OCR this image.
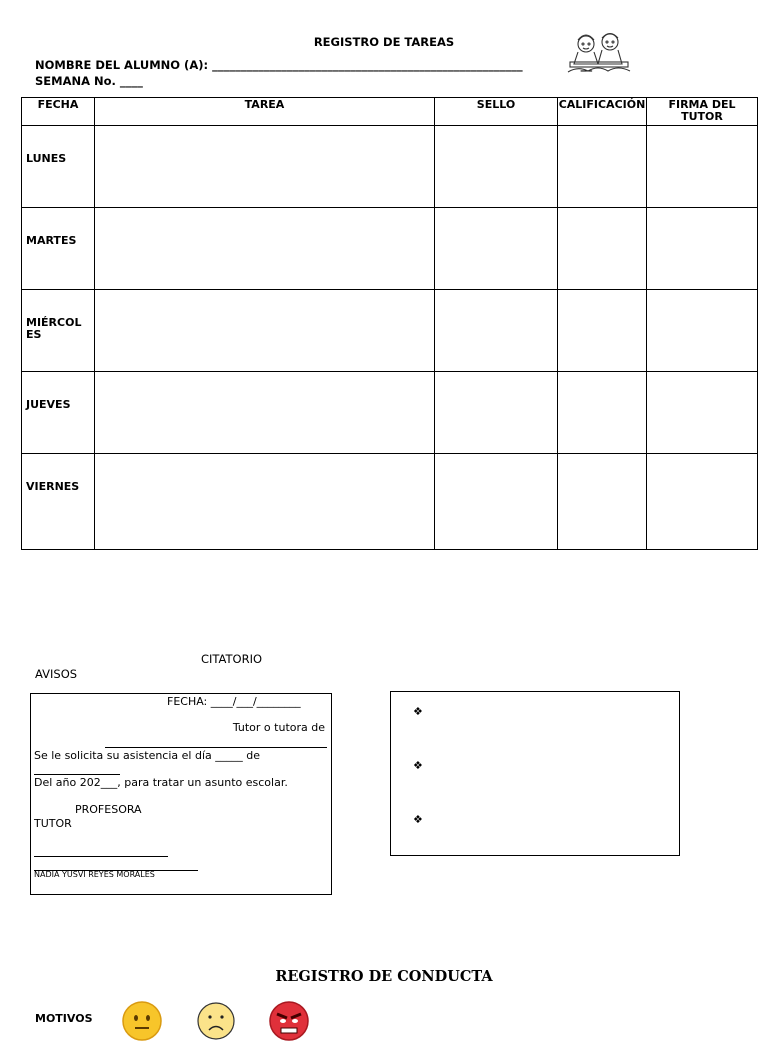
REGISTRO DE TAREAS
NOMBRE DEL ALUMNO (A): ______________________________________________________	__
SEMANA No. ____
FECHA	TAREA	SELLO	CALIFICACIÓN	FIRMA DEL TUTOR
LUNES				
MARTES				
MIÉRCOLES				
JUEVES				
VIERNES				
CITATORIO
AVISOS
FECHA: ____/___/________
Tutor o tutora de
Se le solicita su asistencia el día _____ de
Del año 202___, para tratar un asunto escolar.
PROFESORA
TUTOR
NADIA YUSVI REYES MORALES
❖
❖
❖
REGISTRO DE CONDUCTA
MOTIVOS
